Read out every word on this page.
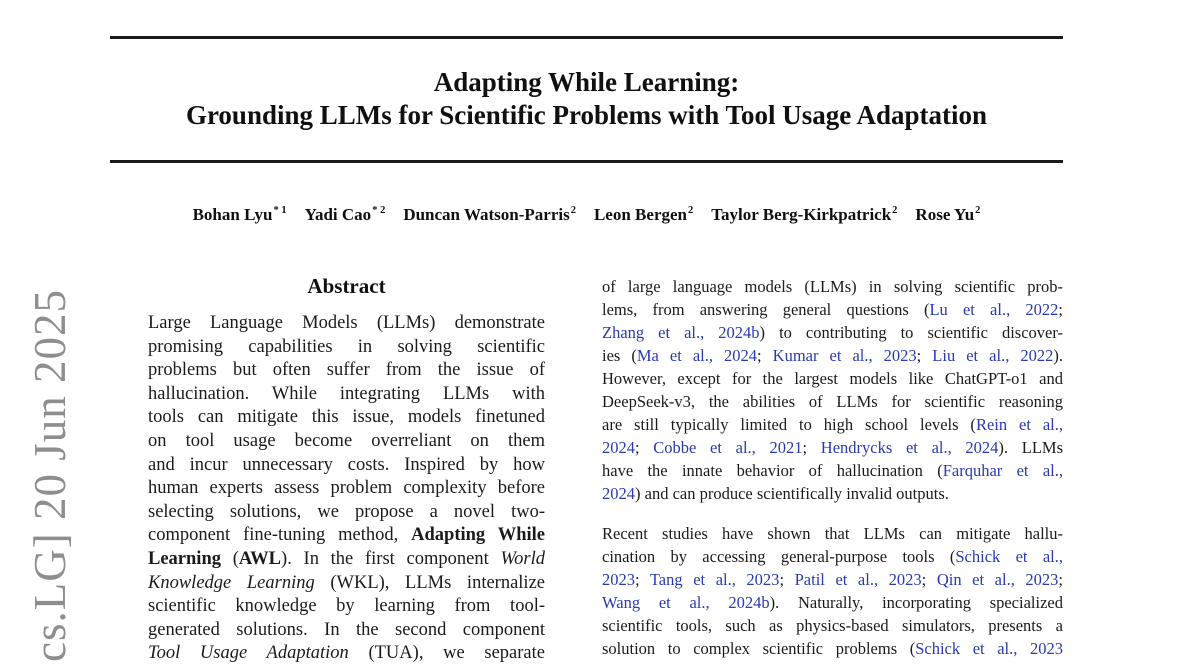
cs.LG] 20 Jun 2025
Adapting While Learning:
Grounding LLMs for Scientific Problems with Tool Usage Adaptation
Bohan Lyu$^{* 1}$ Yadi Cao$^{* 2}$ Duncan Watson-Parris$^2$ Leon Bergen$^2$ Taylor Berg-Kirkpatrick$^2$ Rose Yu$^2$
Abstract
Large Language Models (LLMs) demonstrate
promising capabilities in solving scientific
problems but often suffer from the issue of
hallucination. While integrating LLMs with
tools can mitigate this issue, models finetuned
on tool usage become overreliant on them
and incur unnecessary costs. Inspired by how
human experts assess problem complexity before
selecting solutions, we propose a novel two-
component fine-tuning method, Adapting While
Learning (AWL). In the first component World
Knowledge Learning (WKL), LLMs internalize
scientific knowledge by learning from tool-
generated solutions. In the second component
Tool Usage Adaptation (TUA), we separate
of large language models (LLMs) in solving scientific prob-
lems, from answering general questions (Lu et al., 2022;
Zhang et al., 2024b) to contributing to scientific discover-
ies (Ma et al., 2024; Kumar et al., 2023; Liu et al., 2022).
However, except for the largest models like ChatGPT-o1 and
DeepSeek-v3, the abilities of LLMs for scientific reasoning
are still typically limited to high school levels (Rein et al.,
2024; Cobbe et al., 2021; Hendrycks et al., 2024). LLMs
have the innate behavior of hallucination (Farquhar et al.,
2024) and can produce scientifically invalid outputs.
Recent studies have shown that LLMs can mitigate hallu-
cination by accessing general-purpose tools (Schick et al.,
2023; Tang et al., 2023; Patil et al., 2023; Qin et al., 2023;
Wang et al., 2024b). Naturally, incorporating specialized
scientific tools, such as physics-based simulators, presents a
solution to complex scientific problems (Schick et al., 2023
